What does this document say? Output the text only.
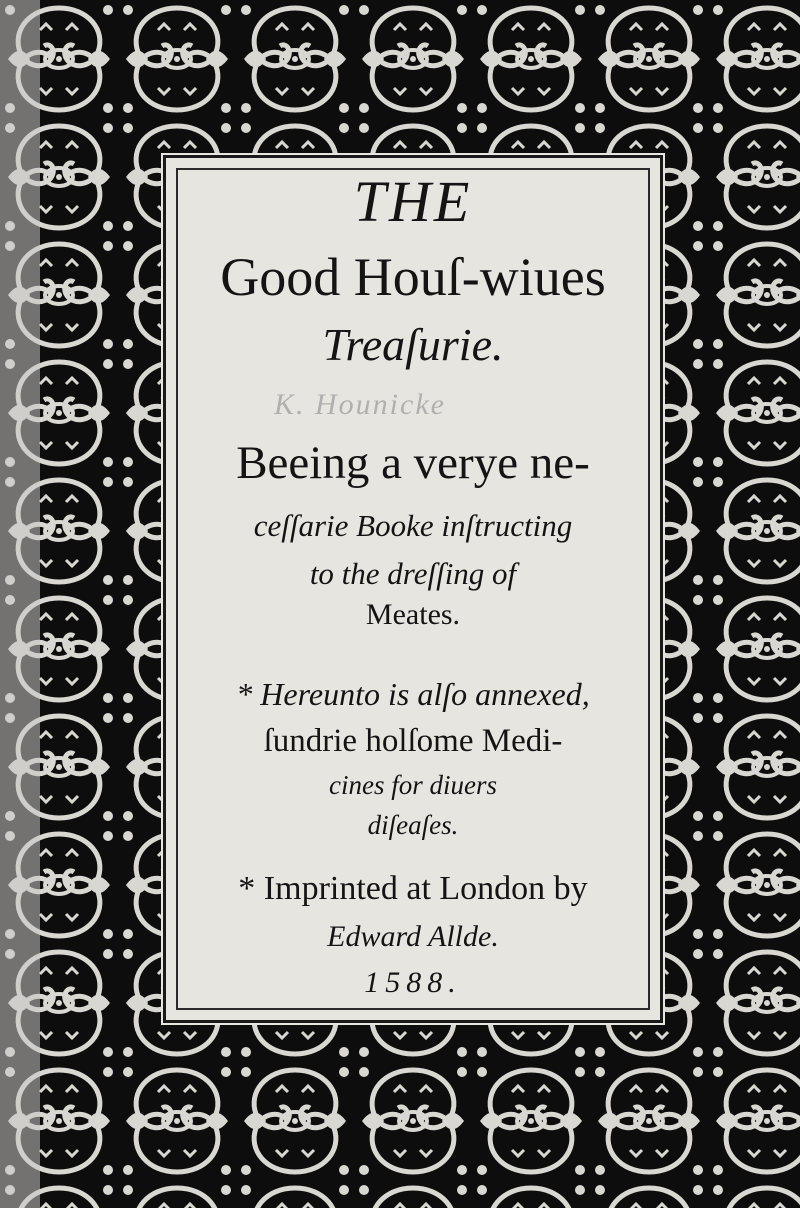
K. Hounicke
THE
Good Houſ-wiues
Treaſurie.
Beeing a verye ne-
ceſſarie Booke inſtructing
to the dreſſing of
Meates.
* Hereunto is alſo annexed,
ſundrie holſome Medi-
cines for diuers
diſeaſes.
* Imprinted at London by
Edward Allde.
1588.
